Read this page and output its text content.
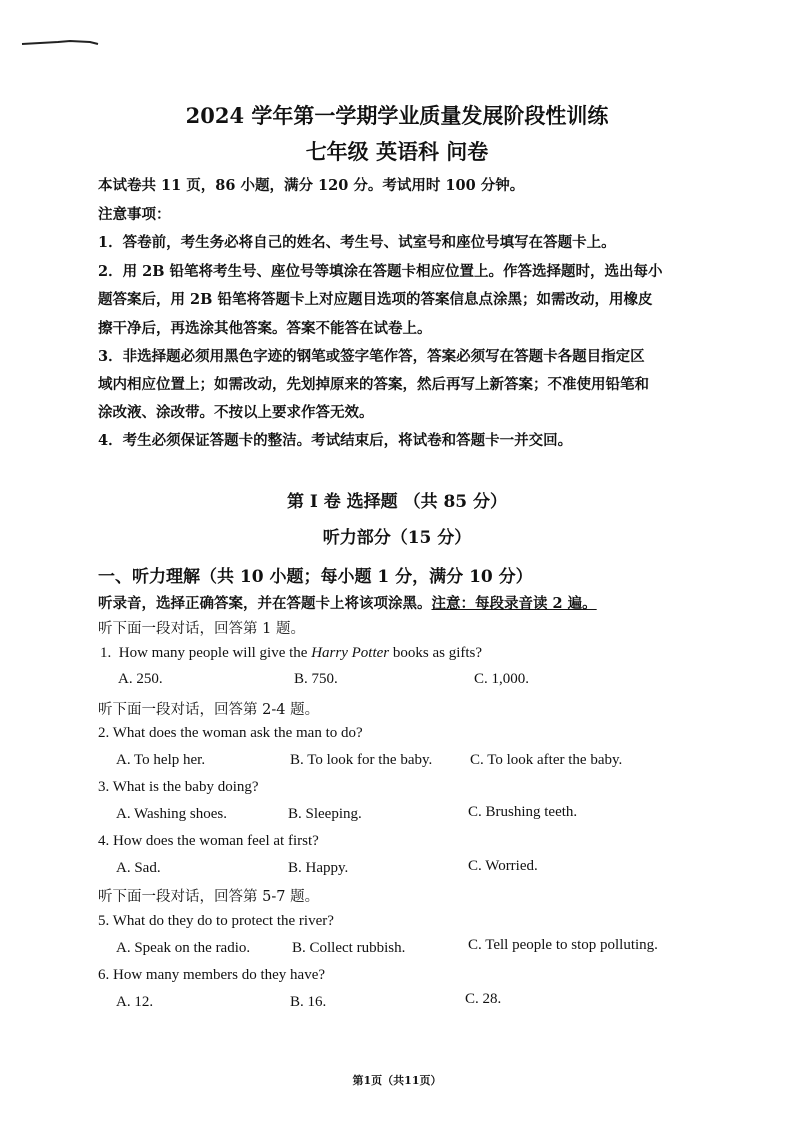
2024 学年第一学期学业质量发展阶段性训练
七年级 英语科 问卷
本试卷共 11 页，86 小题，满分 120 分。考试用时 100 分钟。
注意事项：
1．答卷前，考生务必将自己的姓名、考生号、试室号和座位号填写在答题卡上。
2．用 2B 铅笔将考生号、座位号等填涂在答题卡相应位置上。作答选择题时，选出每小
题答案后，用 2B 铅笔将答题卡上对应题目选项的答案信息点涂黑；如需改动，用橡皮
擦干净后，再选涂其他答案。答案不能答在试卷上。
3．非选择题必须用黑色字迹的钢笔或签字笔作答，答案必须写在答题卡各题目指定区
域内相应位置上；如需改动，先划掉原来的答案，然后再写上新答案；不准使用铅笔和
涂改液、涂改带。不按以上要求作答无效。
4．考生必须保证答题卡的整洁。考试结束后，将试卷和答题卡一并交回。
第 I 卷 选择题 （共 85 分）
听力部分（15 分）
一、听力理解（共 10 小题；每小题 1 分，满分 10 分）
听录音，选择正确答案，并在答题卡上将该项涂黑。注意：每段录音读 2 遍。
听下面一段对话，回答第 1 题。
1.  How many people will give the Harry Potter books as gifts?
A. 250.	B. 750.	C. 1,000.
听下面一段对话，回答第 2-4 题。
2. What does the woman ask the man to do?
A. To help her.	B. To look for the baby.	C. To look after the baby.
3. What is the baby doing?
A. Washing shoes.	B. Sleeping.	C. Brushing teeth.
4. How does the woman feel at first?
A. Sad.	B. Happy.	C. Worried.
听下面一段对话，回答第 5-7 题。
5. What do they do to protect the river?
A. Speak on the radio.	B. Collect rubbish.	C. Tell people to stop polluting.
6. How many members do they have?
A. 12.	B. 16.	C. 28.
第1页（共11页）
